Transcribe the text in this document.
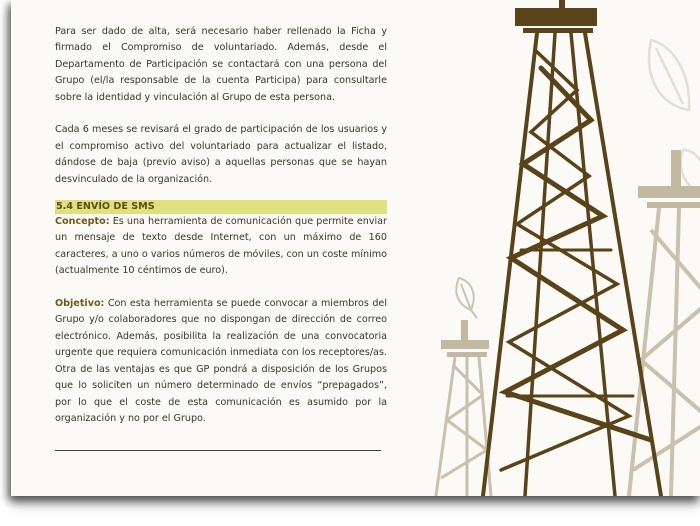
Para ser dado de alta, será necesario haber rellenado la Ficha y firmado el Compromiso de voluntariado. Además, desde el Departamento de Participación se contactará con una persona del Grupo (el/la responsable de la cuenta Participa) para consultarle sobre la identidad y vinculación al Grupo de esta persona.

Cada 6 meses se revisará el grado de participación de los usuarios y el compromiso activo del voluntariado para actualizar el listado, dándose de baja (previo aviso) a aquellas personas que se hayan desvinculado de la organización.

5.4 ENVÍO DE SMS

Concepto: Es una herramienta de comunicación que permite enviar un mensaje de texto desde Internet, con un máximo de 160 caracteres, a uno o varios números de móviles, con un coste mínimo (actualmente 10 céntimos de euro).

Objetivo: Con esta herramienta se puede convocar a miembros del Grupo y/o colaboradores que no dispongan de dirección de correo electrónico. Además, posibilita la realización de una convocatoria urgente que requiera comunicación inmediata con los receptores/as. Otra de las ventajas es que GP pondrá a disposición de los Grupos que lo soliciten un número determinado de envíos “prepagados”, por lo que el coste de esta comunicación es asumido por la organización y no por el Grupo.
